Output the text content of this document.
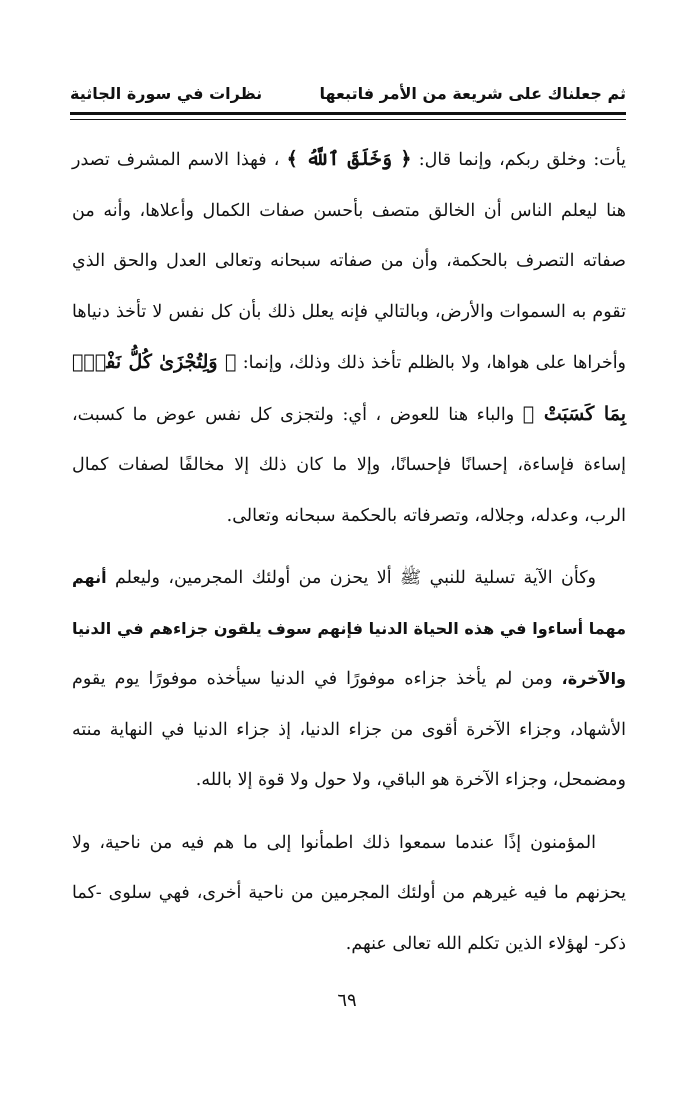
ثم جعلناك على شريعة من الأمر فاتبعها
نظرات في سورة الجاثية

يأت: وخلق ربكم، وإنما قال: ﴿ وَخَلَقَ ٱللَّهُ ﴾ ، فهذا الاسم المشرف تصدر هنا ليعلم الناس أن الخالق متصف بأحسن صفات الكمال وأعلاها، وأنه من صفاته التصرف بالحكمة، وأن من صفاته سبحانه وتعالى العدل والحق الذي تقوم به السموات والأرض، وبالتالي فإنه يعلل ذلك بأن كل نفس لا تأخذ دنياها وأخراها على هواها، ولا بالظلم تأخذ ذلك وذلك، وإنما: ﴿ وَلِتُجْزَىٰ كُلُّ نَفْسٍۭ بِمَا كَسَبَتْ ﴾ والباء هنا للعوض ، أي: ولتجزى كل نفس عوض ما كسبت، إساءة فإساءة، إحسانًا فإحسانًا، وإلا ما كان ذلك إلا مخالفًا لصفات كمال الرب، وعدله، وجلاله، وتصرفاته بالحكمة سبحانه وتعالى.

وكأن الآية تسلية للنبي ﷺ ألا يحزن من أولئك المجرمين، وليعلم أنهم مهما أساءوا في هذه الحياة الدنيا فإنهم سوف يلقون جزاءهم في الدنيا والآخرة، ومن لم يأخذ جزاءه موفورًا في الدنيا سيأخذه موفورًا يوم يقوم الأشهاد، وجزاء الآخرة أقوى من جزاء الدنيا، إذ جزاء الدنيا في النهاية منته ومضمحل، وجزاء الآخرة هو الباقي، ولا حول ولا قوة إلا بالله.

المؤمنون إذًا عندما سمعوا ذلك اطمأنوا إلى ما هم فيه من ناحية، ولا يحزنهم ما فيه غيرهم من أولئك المجرمين من ناحية أخرى، فهي سلوى -كما ذكر- لهؤلاء الذين تكلم الله تعالى عنهم.

٦٩
